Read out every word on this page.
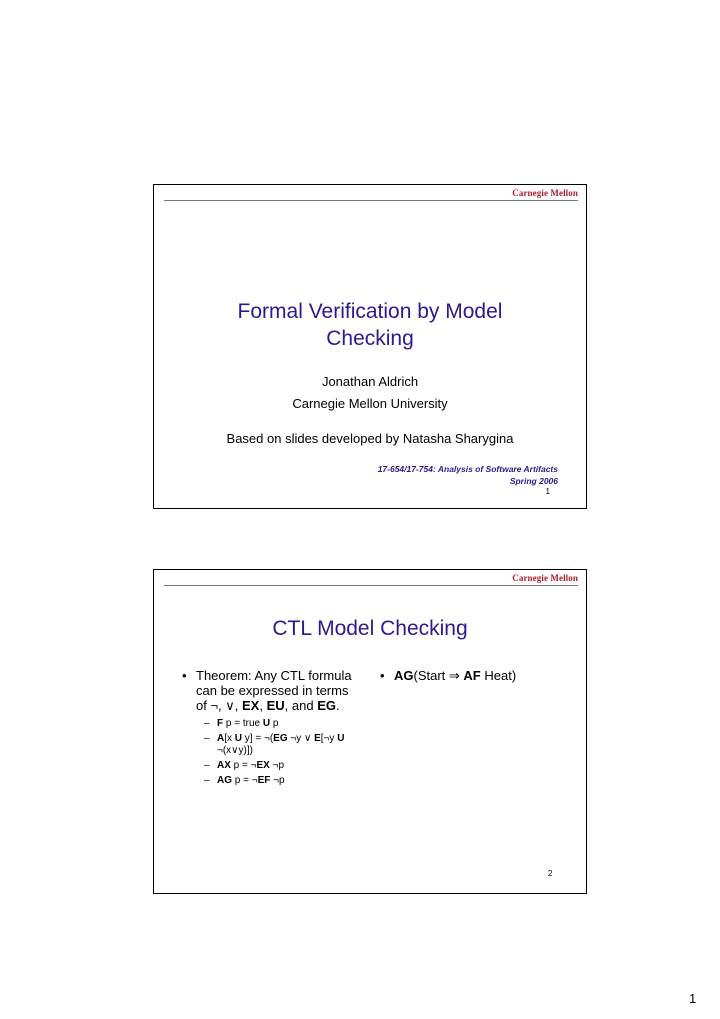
Carnegie Mellon
Formal Verification by Model
Checking
Jonathan Aldrich
Carnegie Mellon University
Based on slides developed by Natasha Sharygina
17-654/17-754: Analysis of Software Artifacts
Spring 2006
1
Carnegie Mellon
CTL Model Checking
• Theorem: Any CTL formula can be expressed in terms of ¬, ∨, EX, EU, and EG.
– F p = true U p
– A[x U y] = ¬(EG ¬y ∨ E[¬y U ¬(x∨y)])
– AX p = ¬EX ¬p
– AG p = ¬EF ¬p
• AG(Start ⇒ AF Heat)
2
1
